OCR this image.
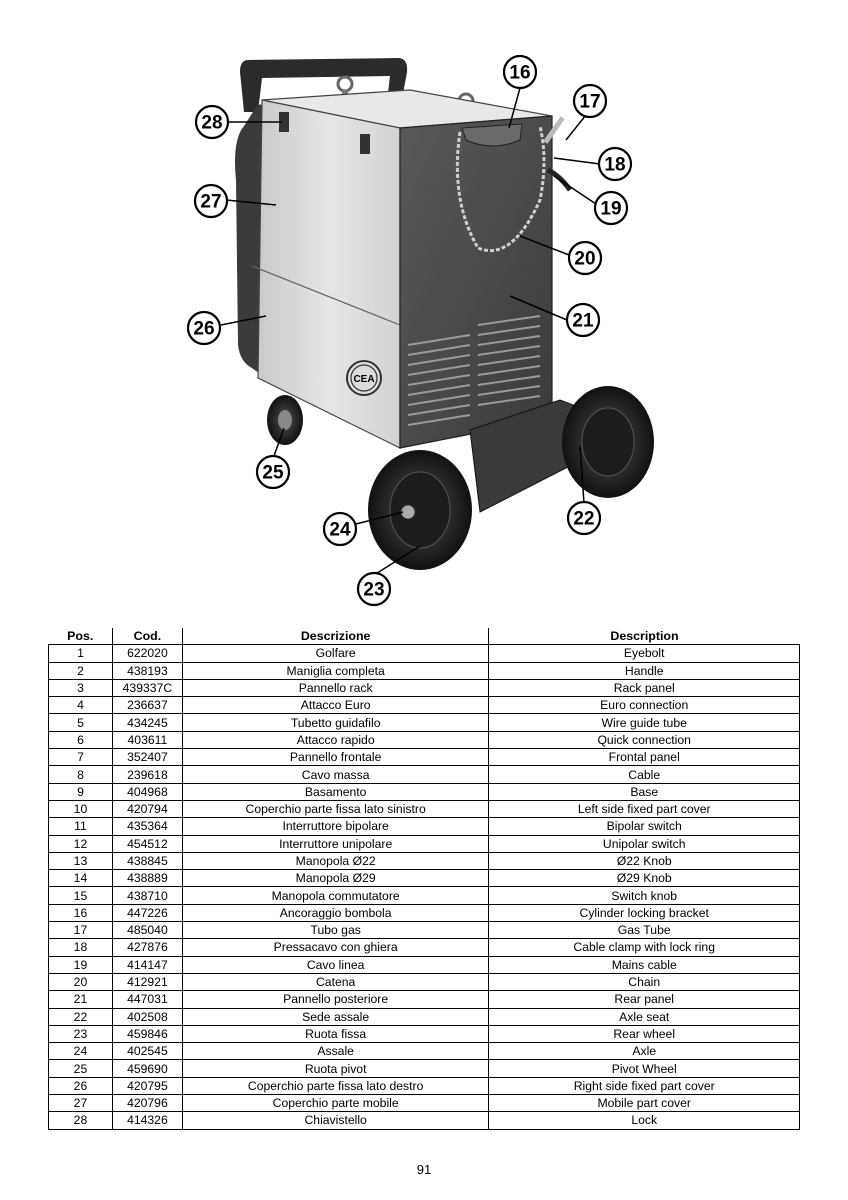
CEA
16
17
18
19
20
21
22
23
24
25
26
27
28
Pos.	Cod.	Descrizione	Description
1	622020	Golfare	Eyebolt
2	438193	Maniglia completa	Handle
3	439337C	Pannello rack	Rack panel
4	236637	Attacco Euro	Euro connection
5	434245	Tubetto guidafilo	Wire guide tube
6	403611	Attacco rapido	Quick connection
7	352407	Pannello frontale	Frontal panel
8	239618	Cavo massa	Cable
9	404968	Basamento	Base
10	420794	Coperchio parte fissa lato sinistro	Left side fixed part cover
11	435364	Interruttore bipolare	Bipolar switch
12	454512	Interruttore unipolare	Unipolar switch
13	438845	Manopola Ø22	Ø22 Knob
14	438889	Manopola Ø29	Ø29 Knob
15	438710	Manopola commutatore	Switch knob
16	447226	Ancoraggio bombola	Cylinder locking bracket
17	485040	Tubo gas	Gas Tube
18	427876	Pressacavo con ghiera	Cable clamp with lock ring
19	414147	Cavo linea	Mains cable
20	412921	Catena	Chain
21	447031	Pannello posteriore	Rear panel
22	402508	Sede assale	Axle seat
23	459846	Ruota fissa	Rear wheel
24	402545	Assale	Axle
25	459690	Ruota pivot	Pivot Wheel
26	420795	Coperchio parte fissa lato destro	Right side fixed part cover
27	420796	Coperchio parte mobile	Mobile part cover
28	414326	Chiavistello	Lock
91
